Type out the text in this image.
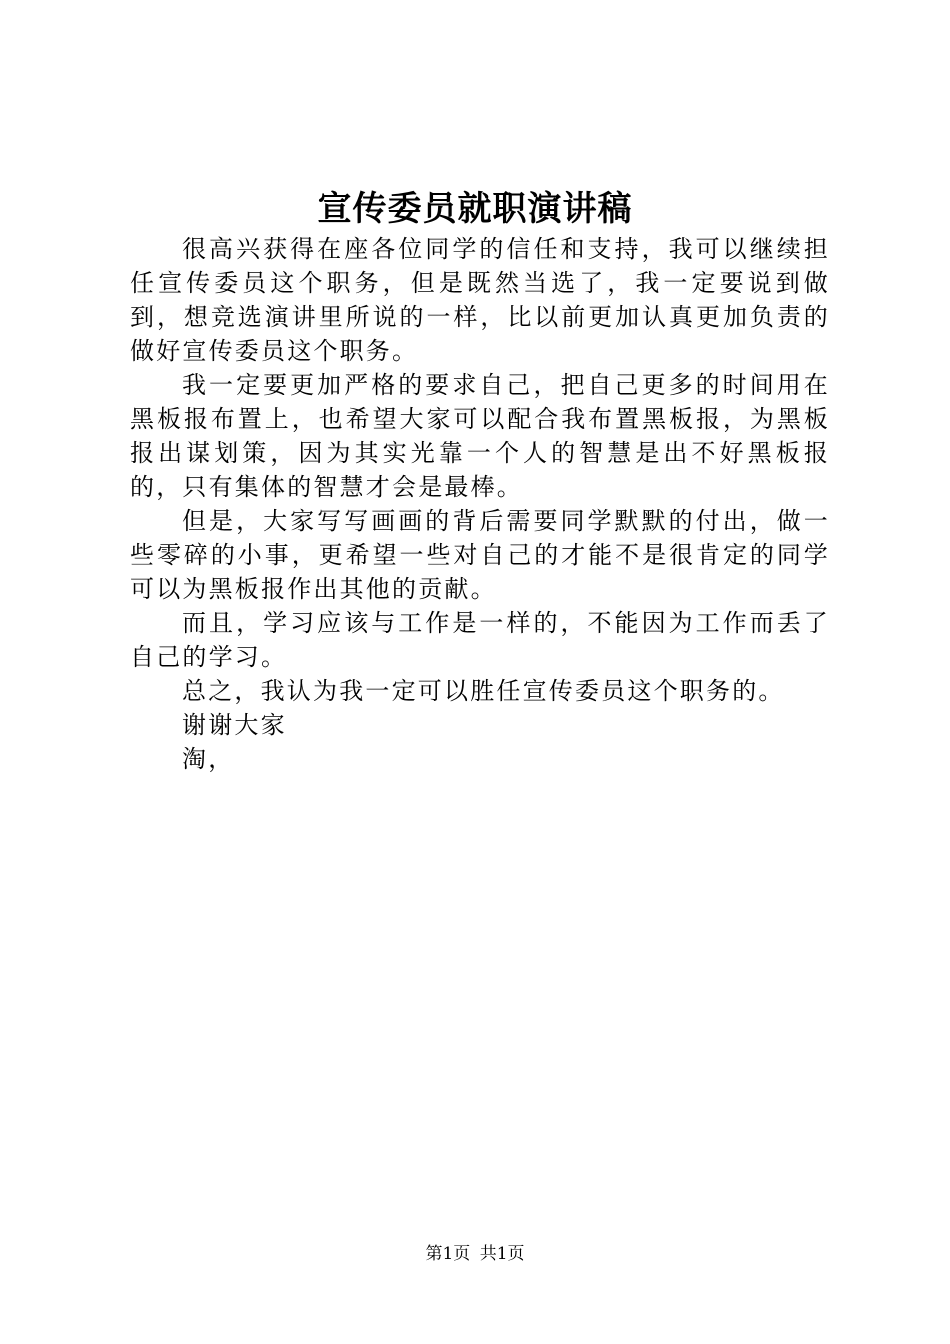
宣传委员就职演讲稿

很高兴获得在座各位同学的信任和支持，我可以继续担任宣传委员这个职务，但是既然当选了，我一定要说到做到，想竞选演讲里所说的一样，比以前更加认真更加负责的做好宣传委员这个职务。

我一定要更加严格的要求自己，把自己更多的时间用在黑板报布置上，也希望大家可以配合我布置黑板报，为黑板报出谋划策，因为其实光靠一个人的智慧是出不好黑板报的，只有集体的智慧才会是最棒。

但是，大家写写画画的背后需要同学默默的付出，做一些零碎的小事，更希望一些对自己的才能不是很肯定的同学可以为黑板报作出其他的贡献。

而且，学习应该与工作是一样的，不能因为工作而丢了自己的学习。

总之，我认为我一定可以胜任宣传委员这个职务的。

谢谢大家

淘，

第1页 共1页
